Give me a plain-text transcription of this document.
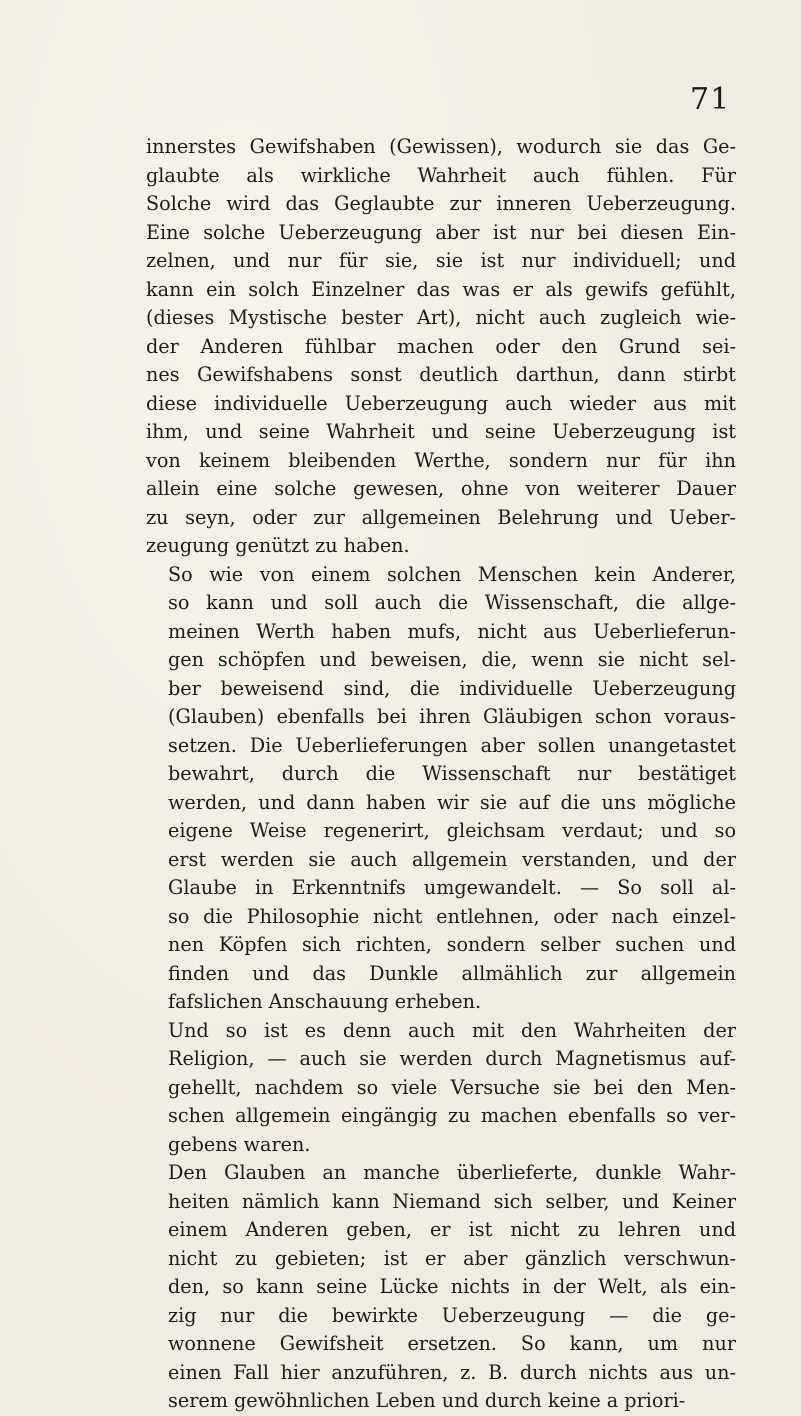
71

innerstes Gewifshaben (Gewissen), wodurch sie das Ge-
glaubte als wirkliche Wahrheit auch fühlen. Für
Solche wird das Geglaubte zur inneren Ueberzeugung.
Eine solche Ueberzeugung aber ist nur bei diesen Ein-
zelnen, und nur für sie, sie ist nur individuell; und
kann ein solch Einzelner das was er als gewifs gefühlt,
(dieses Mystische bester Art), nicht auch zugleich wie-
der Anderen fühlbar machen oder den Grund sei-
nes Gewifshabens sonst deutlich darthun, dann stirbt
diese individuelle Ueberzeugung auch wieder aus mit
ihm, und seine Wahrheit und seine Ueberzeugung ist
von keinem bleibenden Werthe, sondern nur für ihn
allein eine solche gewesen, ohne von weiterer Dauer
zu seyn, oder zur allgemeinen Belehrung und Ueber-
zeugung genützt zu haben.

So wie von einem solchen Menschen kein Anderer,
so kann und soll auch die Wissenschaft, die allge-
meinen Werth haben mufs, nicht aus Ueberlieferun-
gen schöpfen und beweisen, die, wenn sie nicht sel-
ber beweisend sind, die individuelle Ueberzeugung
(Glauben) ebenfalls bei ihren Gläubigen schon voraus-
setzen. Die Ueberlieferungen aber sollen unangetastet
bewahrt, durch die Wissenschaft nur bestätiget
werden, und dann haben wir sie auf die uns mögliche
eigene Weise regenerirt, gleichsam verdaut; und so
erst werden sie auch allgemein verstanden, und der
Glaube in Erkenntnifs umgewandelt. — So soll al-
so die Philosophie nicht entlehnen, oder nach einzel-
nen Köpfen sich richten, sondern selber suchen und
finden und das Dunkle allmählich zur allgemein
fafslichen Anschauung erheben.

Und so ist es denn auch mit den Wahrheiten der
Religion, — auch sie werden durch Magnetismus auf-
gehellt, nachdem so viele Versuche sie bei den Men-
schen allgemein eingängig zu machen ebenfalls so ver-
gebens waren.

Den Glauben an manche überlieferte, dunkle Wahr-
heiten nämlich kann Niemand sich selber, und Keiner
einem Anderen geben, er ist nicht zu lehren und
nicht zu gebieten; ist er aber gänzlich verschwun-
den, so kann seine Lücke nichts in der Welt, als ein-
zig nur die bewirkte Ueberzeugung — die ge-
wonnene Gewifsheit ersetzen. So kann, um nur
einen Fall hier anzuführen, z. B. durch nichts aus un-
serem gewöhnlichen Leben und durch keine a priori-
